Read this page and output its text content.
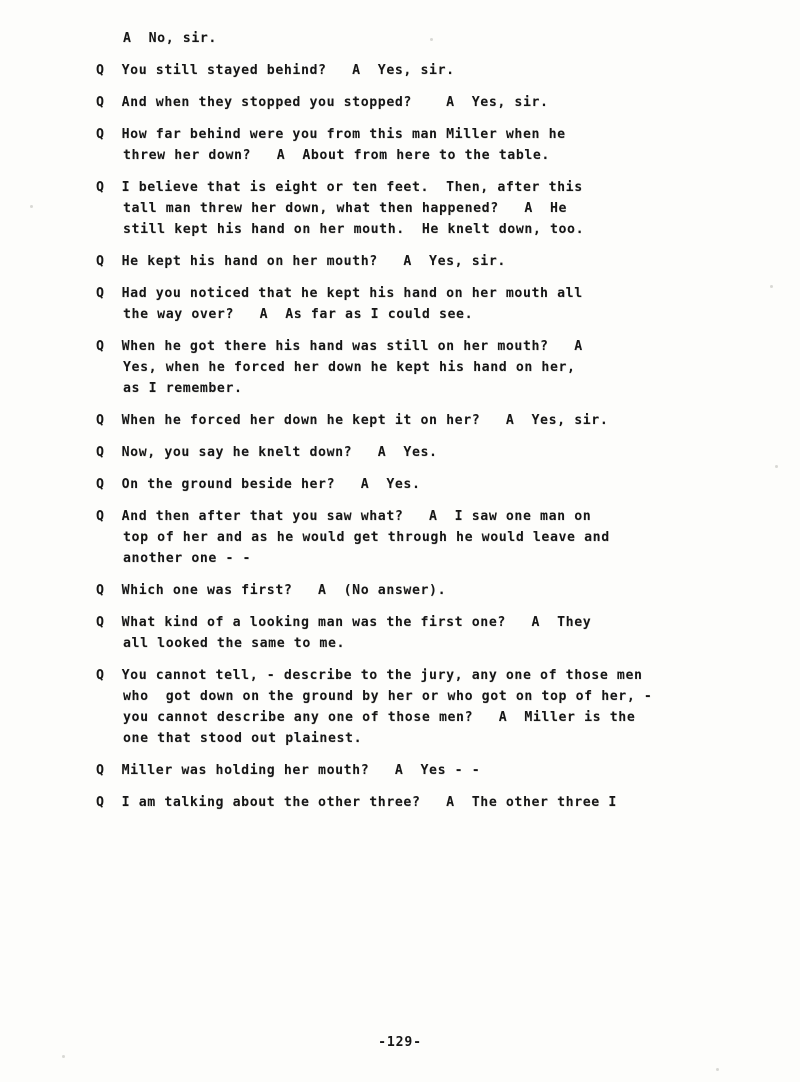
A  No, sir.
Q  You still stayed behind?   A  Yes, sir.
Q  And when they stopped you stopped?    A  Yes, sir.
Q  How far behind were you from this man Miller when he
threw her down?   A  About from here to the table.
Q  I believe that is eight or ten feet.  Then, after this
tall man threw her down, what then happened?   A  He
still kept his hand on her mouth.  He knelt down, too.
Q  He kept his hand on her mouth?   A  Yes, sir.
Q  Had you noticed that he kept his hand on her mouth all
the way over?   A  As far as I could see.
Q  When he got there his hand was still on her mouth?   A
Yes, when he forced her down he kept his hand on her,
as I remember.
Q  When he forced her down he kept it on her?   A  Yes, sir.
Q  Now, you say he knelt down?   A  Yes.
Q  On the ground beside her?   A  Yes.
Q  And then after that you saw what?   A  I saw one man on
top of her and as he would get through he would leave and
another one - -
Q  Which one was first?   A  (No answer).
Q  What kind of a looking man was the first one?   A  They
all looked the same to me.
Q  You cannot tell, - describe to the jury, any one of those men
who  got down on the ground by her or who got on top of her, -
you cannot describe any one of those men?   A  Miller is the
one that stood out plainest.
Q  Miller was holding her mouth?   A  Yes - -
Q  I am talking about the other three?   A  The other three I
-129-
